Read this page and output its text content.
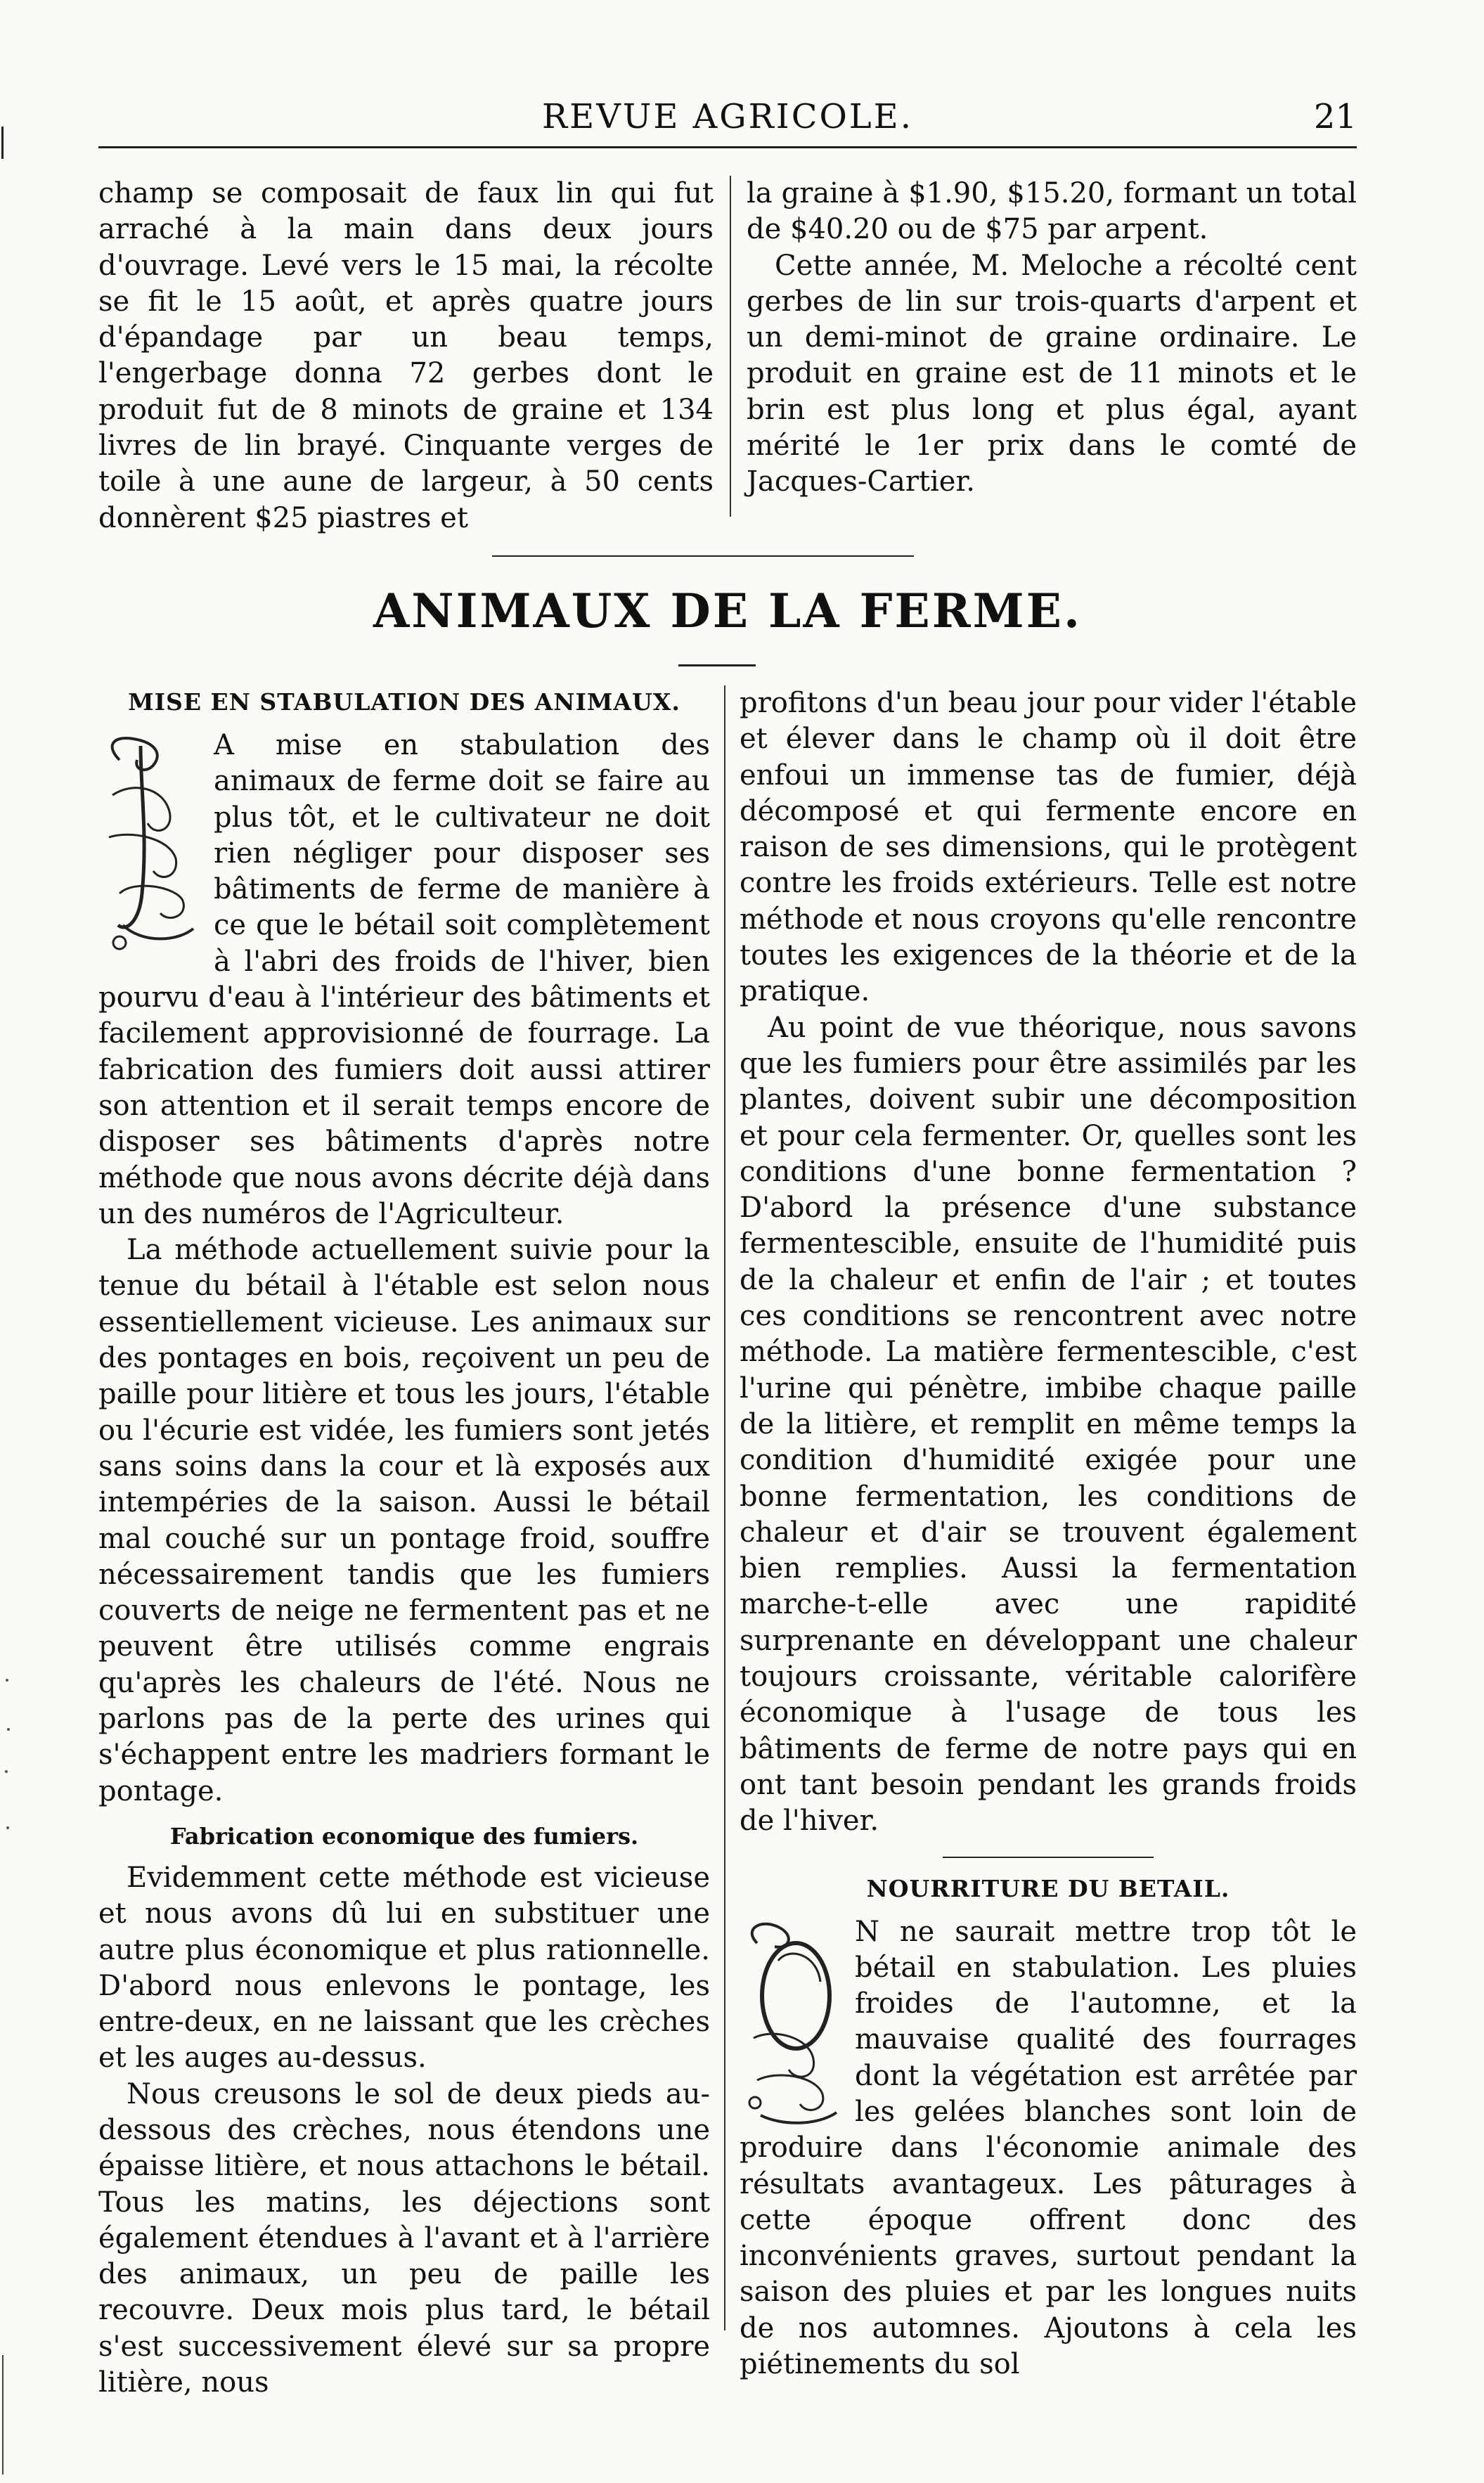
REVUE AGRICOLE.	21

champ se composait de faux lin qui fut arraché à la main dans deux jours d'ouvrage. Levé vers le 15 mai, la récolte se fit le 15 août, et après quatre jours d'épandage par un beau temps, l'engerbage donna 72 gerbes dont le produit fut de 8 minots de graine et 134 livres de lin brayé. Cinquante verges de toile à une aune de largeur, à 50 cents donnèrent $25 piastres et

la graine à $1.90, $15.20, formant un total de $40.20 ou de $75 par arpent.

Cette année, M. Meloche a récolté cent gerbes de lin sur trois-quarts d'arpent et un demi-minot de graine ordinaire. Le produit en graine est de 11 minots et le brin est plus long et plus égal, ayant mérité le 1er prix dans le comté de Jacques-Cartier.

ANIMAUX DE LA FERME.
MISE EN STABULATION DES ANIMAUX.

A mise en stabulation des animaux de ferme doit se faire au plus tôt, et le cultivateur ne doit rien négliger pour disposer ses bâtiments de ferme de manière à ce que le bétail soit complètement à l'abri des froids de l'hiver, bien pourvu d'eau à l'intérieur des bâtiments et facilement approvisionné de fourrage. La fabrication des fumiers doit aussi attirer son attention et il serait temps encore de disposer ses bâtiments d'après notre méthode que nous avons décrite déjà dans un des numéros de l'Agriculteur.

La méthode actuellement suivie pour la tenue du bétail à l'étable est selon nous essentiellement vicieuse. Les animaux sur des pontages en bois, reçoivent un peu de paille pour litière et tous les jours, l'étable ou l'écurie est vidée, les fumiers sont jetés sans soins dans la cour et là exposés aux intempéries de la saison. Aussi le bétail mal couché sur un pontage froid, souffre nécessairement tandis que les fumiers couverts de neige ne fermentent pas et ne peuvent être utilisés comme engrais qu'après les chaleurs de l'été. Nous ne parlons pas de la perte des urines qui s'échappent entre les madriers formant le pontage.

Fabrication economique des fumiers.

Evidemment cette méthode est vicieuse et nous avons dû lui en substituer une autre plus économique et plus rationnelle. D'abord nous enlevons le pontage, les entre-deux, en ne laissant que les crèches et les auges au-dessus.

Nous creusons le sol de deux pieds au-dessous des crèches, nous étendons une épaisse litière, et nous attachons le bétail. Tous les matins, les déjections sont également étendues à l'avant et à l'arrière des animaux, un peu de paille les recouvre. Deux mois plus tard, le bétail s'est successivement élevé sur sa propre litière, nous

profitons d'un beau jour pour vider l'étable et élever dans le champ où il doit être enfoui un immense tas de fumier, déjà décomposé et qui fermente encore en raison de ses dimensions, qui le protègent contre les froids extérieurs. Telle est notre méthode et nous croyons qu'elle rencontre toutes les exigences de la théorie et de la pratique.

Au point de vue théorique, nous savons que les fumiers pour être assimilés par les plantes, doivent subir une décomposition et pour cela fermenter. Or, quelles sont les conditions d'une bonne fermentation ? D'abord la présence d'une substance fermentescible, ensuite de l'humidité puis de la chaleur et enfin de l'air ; et toutes ces conditions se rencontrent avec notre méthode. La matière fermentescible, c'est l'urine qui pénètre, imbibe chaque paille de la litière, et remplit en même temps la condition d'humidité exigée pour une bonne fermentation, les conditions de chaleur et d'air se trouvent également bien remplies. Aussi la fermentation marche-t-elle avec une rapidité surprenante en développant une chaleur toujours croissante, véritable calorifère économique à l'usage de tous les bâtiments de ferme de notre pays qui en ont tant besoin pendant les grands froids de l'hiver.

NOURRITURE DU BETAIL.

N ne saurait mettre trop tôt le bétail en stabulation. Les pluies froides de l'automne, et la mauvaise qualité des fourrages dont la végétation est arrêtée par les gelées blanches sont loin de produire dans l'économie animale des résultats avantageux. Les pâturages à cette époque offrent donc des inconvénients graves, surtout pendant la saison des pluies et par les longues nuits de nos automnes. Ajoutons à cela les piétinements du sol
